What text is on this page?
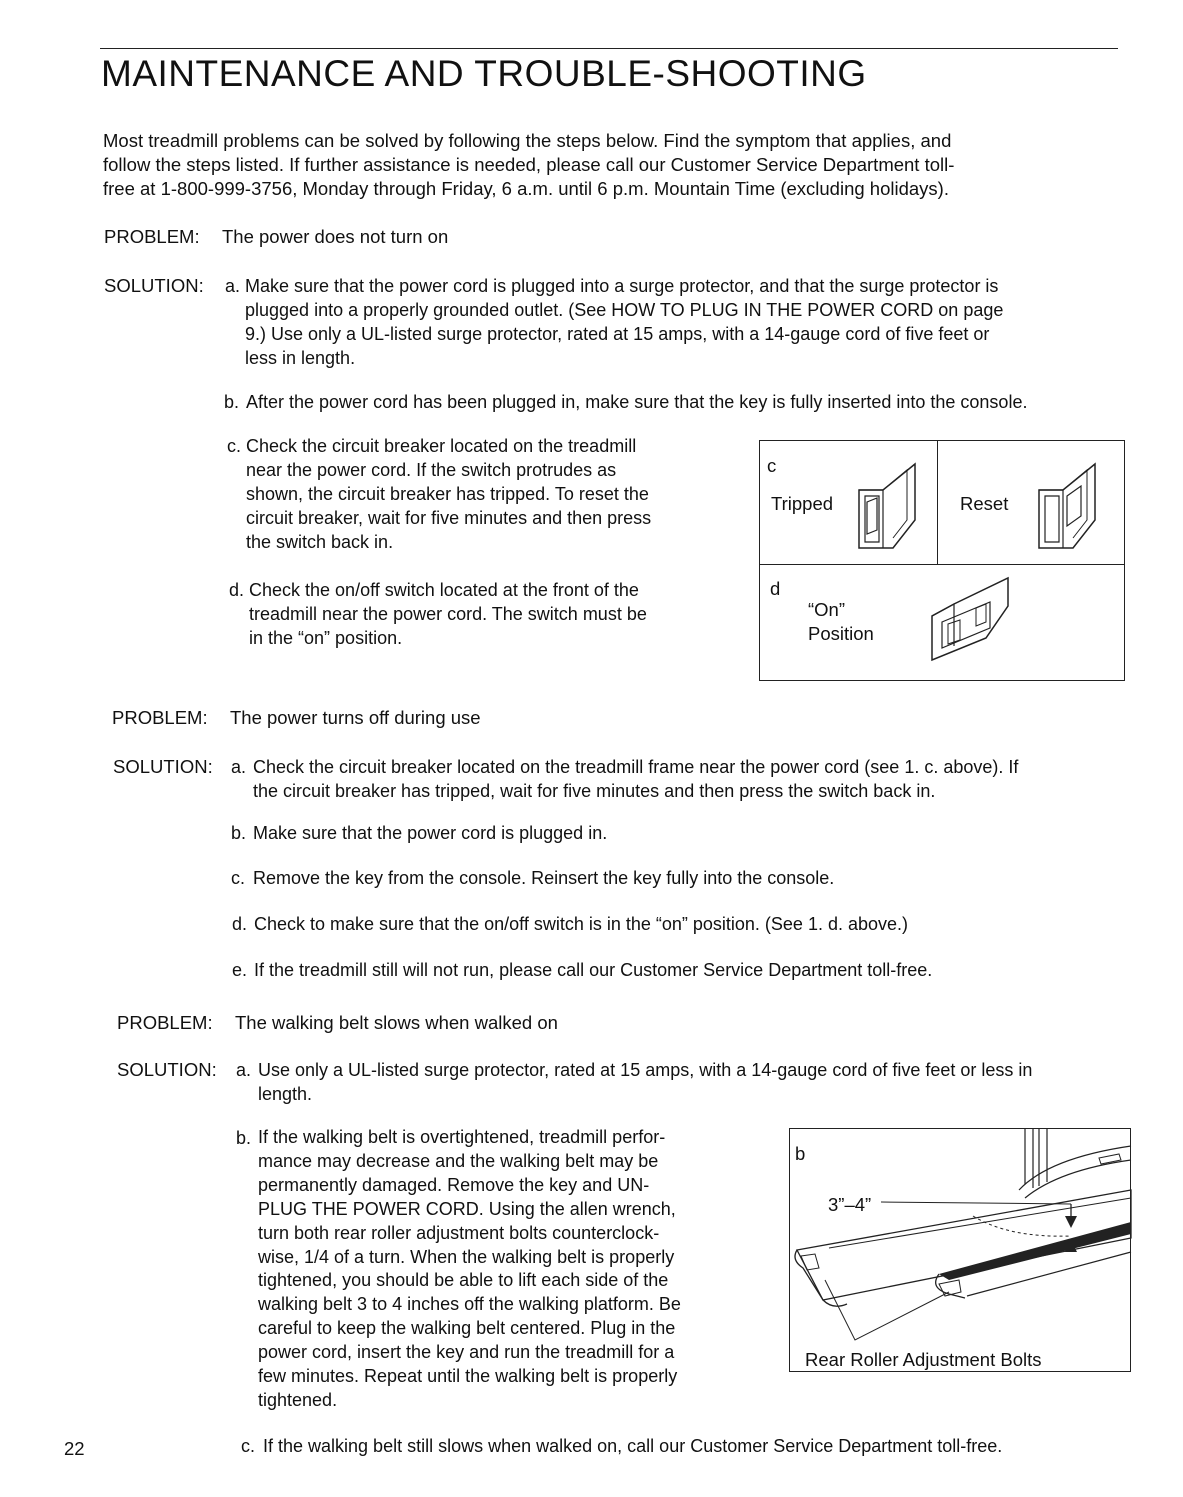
MAINTENANCE AND TROUBLE-SHOOTING
Most treadmill problems can be solved by following the steps below. Find the symptom that applies, and
follow the steps listed. If further assistance is needed, please call our Customer Service Department toll-
free at 1-800-999-3756, Monday through Friday, 6 a.m. until 6 p.m. Mountain Time (excluding holidays).
PROBLEM: The power does not turn on
SOLUTION: a. Make sure that the power cord is plugged into a surge protector, and that the surge protector is
plugged into a properly grounded outlet. (See HOW TO PLUG IN THE POWER CORD on page
9.) Use only a UL-listed surge protector, rated at 15 amps, with a 14-gauge cord of five feet or
less in length.
b. After the power cord has been plugged in, make sure that the key is fully inserted into the console.
c. Check the circuit breaker located on the treadmill
near the power cord. If the switch protrudes as
shown, the circuit breaker has tripped. To reset the
circuit breaker, wait for five minutes and then press
the switch back in.
d. Check the on/off switch located at the front of the
treadmill near the power cord. The switch must be
in the “on” position.
c
Tripped	Reset
d
“On”
Position
PROBLEM: The power turns off during use
SOLUTION: a. Check the circuit breaker located on the treadmill frame near the power cord (see 1. c. above). If
the circuit breaker has tripped, wait for five minutes and then press the switch back in.
b. Make sure that the power cord is plugged in.
c. Remove the key from the console. Reinsert the key fully into the console.
d. Check to make sure that the on/off switch is in the “on” position. (See 1. d. above.)
e. If the treadmill still will not run, please call our Customer Service Department toll-free.
PROBLEM: The walking belt slows when walked on
SOLUTION: a. Use only a UL-listed surge protector, rated at 15 amps, with a 14-gauge cord of five feet or less in
length.
b. If the walking belt is overtightened, treadmill perfor-
mance may decrease and the walking belt may be
permanently damaged. Remove the key and UN-
PLUG THE POWER CORD. Using the allen wrench,
turn both rear roller adjustment bolts counterclock-
wise, 1/4 of a turn. When the walking belt is properly
tightened, you should be able to lift each side of the
walking belt 3 to 4 inches off the walking platform. Be
careful to keep the walking belt centered. Plug in the
power cord, insert the key and run the treadmill for a
few minutes. Repeat until the walking belt is properly
tightened.
b
3”–4”
Rear Roller Adjustment Bolts
c. If the walking belt still slows when walked on, call our Customer Service Department toll-free.
22
